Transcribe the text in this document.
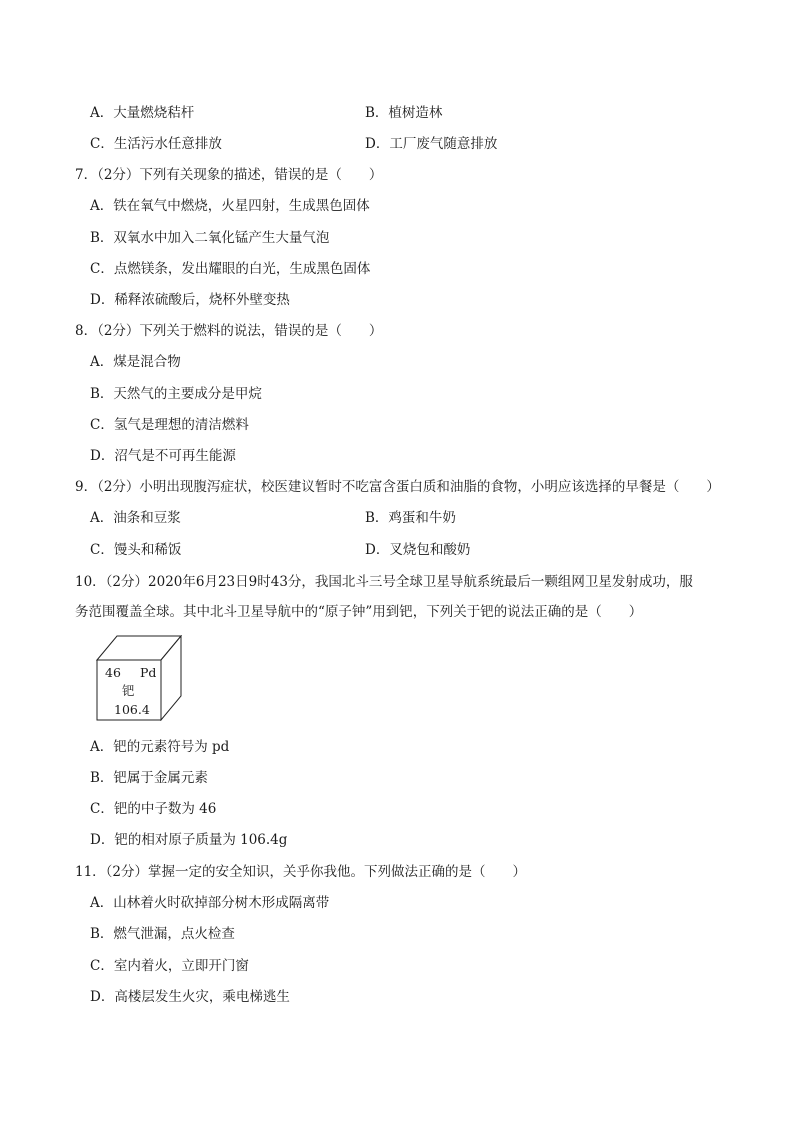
A．大量燃烧秸杆	B．植树造林
C．生活污水任意排放	D．工厂废气随意排放
7．（2分）下列有关现象的描述，错误的是（　　）
A．铁在氧气中燃烧，火星四射，生成黑色固体
B．双氧水中加入二氧化锰产生大量气泡
C．点燃镁条，发出耀眼的白光，生成黑色固体
D．稀释浓硫酸后，烧杯外壁变热
8．（2分）下列关于燃料的说法，错误的是（　　）
A．煤是混合物
B．天然气的主要成分是甲烷
C．氢气是理想的清洁燃料
D．沼气是不可再生能源
9．（2分）小明出现腹泻症状，校医建议暂时不吃富含蛋白质和油脂的食物，小明应该选择的早餐是（　　）
A．油条和豆浆	B．鸡蛋和牛奶
C．馒头和稀饭	D．叉烧包和酸奶
10．（2分）2020年6月23日9时43分，我国北斗三号全球卫星导航系统最后一颗组网卫星发射成功，服
务范围覆盖全球。其中北斗卫星导航中的“原子钟”用到钯，下列关于钯的说法正确的是（　　）
46 Pd
钯
106.4
A．钯的元素符号为 pd
B．钯属于金属元素
C．钯的中子数为 46
D．钯的相对原子质量为 106.4g
11．（2分）掌握一定的安全知识，关乎你我他。下列做法正确的是（　　）
A．山林着火时砍掉部分树木形成隔离带
B．燃气泄漏，点火检查
C．室内着火，立即开门窗
D．高楼层发生火灾，乘电梯逃生
